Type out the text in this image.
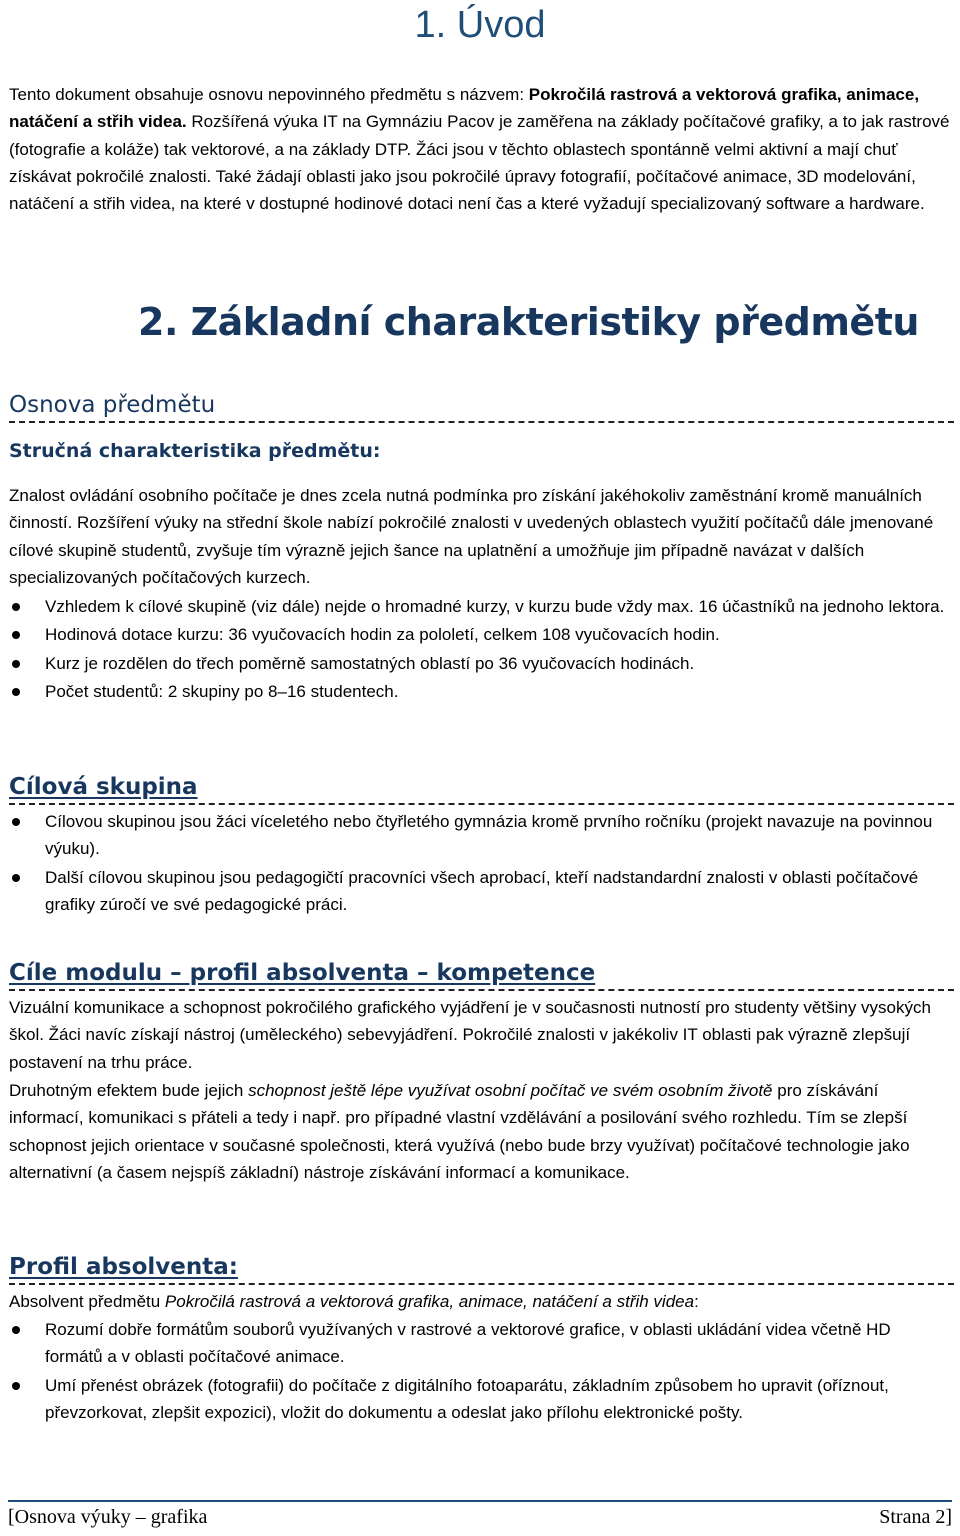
1. Úvod

Tento dokument obsahuje osnovu nepovinného předmětu s názvem: Pokročilá rastrová a vektorová grafika, animace, natáčení a střih videa. Rozšířená výuka IT na Gymnáziu Pacov je zaměřena na základy počítačové grafiky, a to jak rastrové (fotografie a koláže) tak vektorové, a na základy DTP. Žáci jsou v těchto oblastech spontánně velmi aktivní a mají chuť získávat pokročilé znalosti. Také žádají oblasti jako jsou pokročilé úpravy fotografií, počítačové animace, 3D modelování, natáčení a střih videa, na které v dostupné hodinové dotaci není čas a které vyžadují specializovaný software a hardware.

2. Základní charakteristiky předmětu
Osnova předmětu
Stručná charakteristika předmětu:

Znalost ovládání osobního počítače je dnes zcela nutná podmínka pro získání jakéhokoliv zaměstnání kromě manuálních činností. Rozšíření výuky na střední škole nabízí pokročilé znalosti v uvedených oblastech využití počítačů dále jmenované cílové skupině studentů, zvyšuje tím výrazně jejich šance na uplatnění a umožňuje jim případně navázat v dalších specializovaných počítačových kurzech.

Vzhledem k cílové skupině (viz dále) nejde o hromadné kurzy, v kurzu bude vždy max. 16 účastníků na jednoho lektora.
Hodinová dotace kurzu: 36 vyučovacích hodin za pololetí, celkem 108 vyučovacích hodin.
Kurz je rozdělen do třech poměrně samostatných oblastí po 36 vyučovacích hodinách.
Počet studentů: 2 skupiny po 8–16 studentech.
Cílová skupina
Cílovou skupinou jsou žáci víceletého nebo čtyřletého gymnázia kromě prvního ročníku (projekt navazuje na povinnou výuku).
Další cílovou skupinou jsou pedagogičtí pracovníci všech aprobací, kteří nadstandardní znalosti v oblasti počítačové grafiky zúročí ve své pedagogické práci.
Cíle modulu – profil absolventa – kompetence

Vizuální komunikace a schopnost pokročilého grafického vyjádření je v současnosti nutností pro studenty většiny vysokých škol. Žáci navíc získají nástroj (uměleckého) sebevyjádření. Pokročilé znalosti v jakékoliv IT oblasti pak výrazně zlepšují postavení na trhu práce.

Druhotným efektem bude jejich schopnost ještě lépe využívat osobní počítač ve svém osobním životě pro získávání informací, komunikaci s přáteli a tedy i např. pro případné vlastní vzdělávání a posilování svého rozhledu. Tím se zlepší schopnost jejich orientace v současné společnosti, která využívá (nebo bude brzy využívat) počítačové technologie jako alternativní (a časem nejspíš základní) nástroje získávání informací a komunikace.

Profil absolventa:

Absolvent předmětu Pokročilá rastrová a vektorová grafika, animace, natáčení a střih videa:

Rozumí dobře formátům souborů využívaných v rastrové a vektorové grafice, v oblasti ukládání videa včetně HD formátů a v oblasti počítačové animace.
Umí přenést obrázek (fotografii) do počítače z digitálního fotoaparátu, základním způsobem ho upravit (oříznout, převzorkovat, zlepšit expozici), vložit do dokumentu a odeslat jako přílohu elektronické pošty.
[Osnova výuky – grafika	Strana 2]
